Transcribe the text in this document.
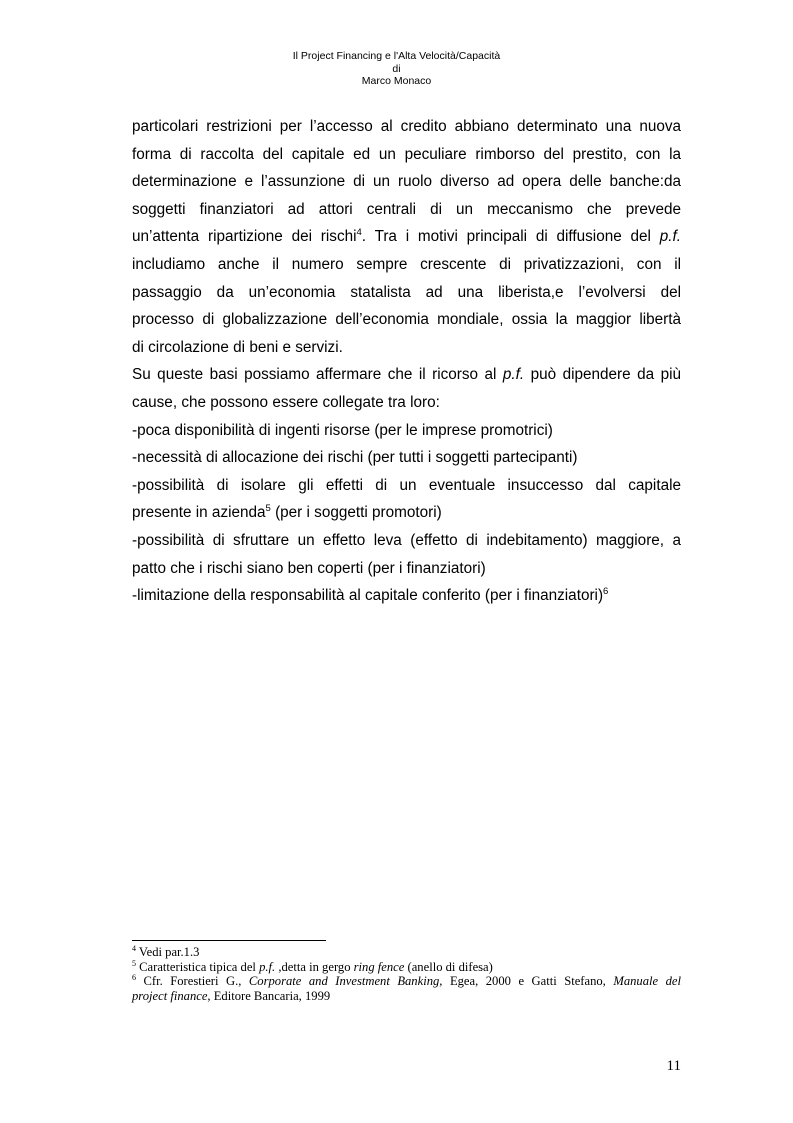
Il Project Financing e l'Alta Velocità/Capacità
di
Marco Monaco
particolari restrizioni per l’accesso al credito abbiano determinato una nuova
forma di raccolta del capitale ed un peculiare rimborso del prestito, con la
determinazione e l’assunzione di un ruolo diverso ad opera delle banche:da
soggetti finanziatori ad attori centrali di un meccanismo che prevede
un’attenta ripartizione dei rischi$^4$. Tra i motivi principali di diffusione del p.f.
includiamo anche il numero sempre crescente di privatizzazioni, con il
passaggio da un’economia statalista ad una liberista,e l’evolversi del
processo di globalizzazione dell’economia mondiale, ossia la maggior libertà
di circolazione di beni e servizi.
Su queste basi possiamo affermare che il ricorso al p.f. può dipendere da più
cause, che possono essere collegate tra loro:
-poca disponibilità di ingenti risorse (per le imprese promotrici)
-necessità di allocazione dei rischi (per tutti i soggetti partecipanti)
-possibilità di isolare gli effetti di un eventuale insuccesso dal capitale
presente in azienda$^5$ (per i soggetti promotori)
-possibilità di sfruttare un effetto leva (effetto di indebitamento) maggiore, a
patto che i rischi siano ben coperti (per i finanziatori)
-limitazione della responsabilità al capitale conferito (per i finanziatori)$^6$
$^4$ Vedi par.1.3
$^5$ Caratteristica tipica del p.f. ,detta in gergo ring fence (anello di difesa)
$^6$ Cfr. Forestieri G., Corporate and Investment Banking, Egea, 2000 e Gatti Stefano, Manuale del
project finance, Editore Bancaria, 1999
11
